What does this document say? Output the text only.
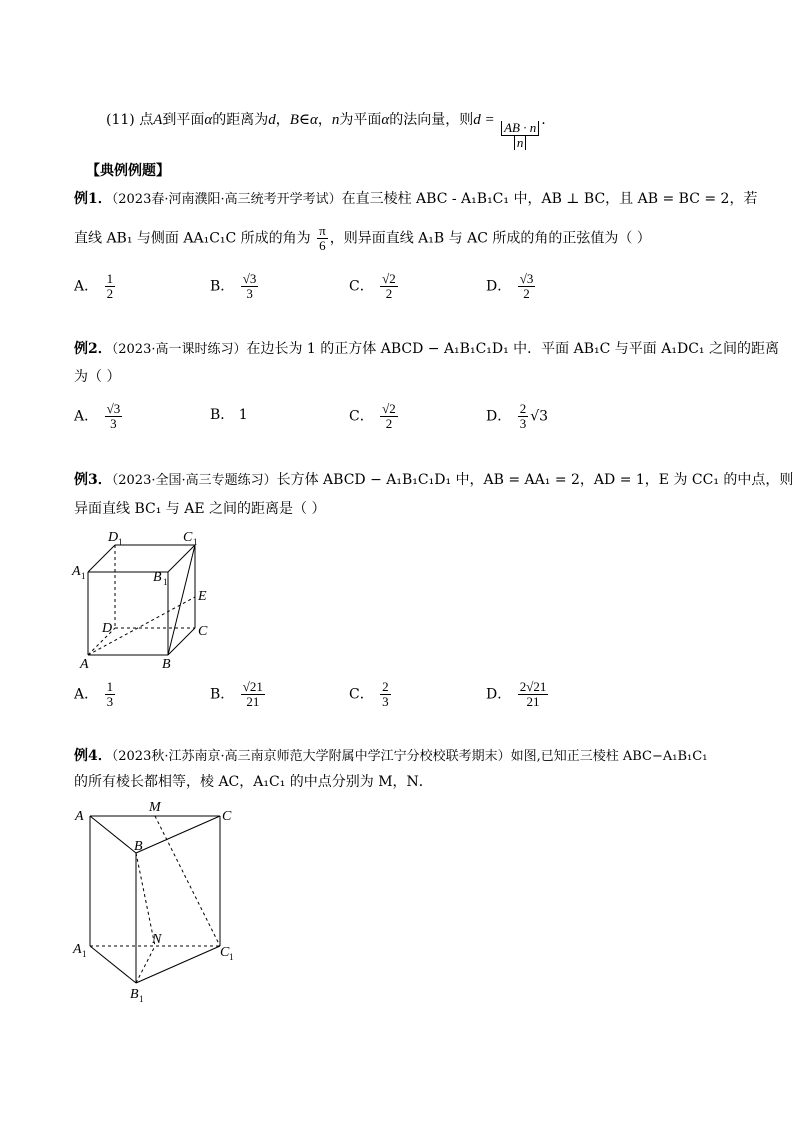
(11) 点A到平面α的距离为d，B∈α，n为平面α的法向量，则d =
$\frac{AB \cdot n}{n}$
.
【典例例题】
例1．（2023春·河南濮阳·高三统考开学考试）在直三棱柱 ABC - A₁B₁C₁ 中，AB ⊥ BC，且 AB = BC = 2，若
直线 AB₁ 与侧面 AA₁C₁C 所成的角为 $\frac{\pi}{6}$ ，则异面直线 A₁B 与 AC 所成的角的正弦值为（ ）
A． $\frac{1}{2}$	B． $\frac{√3}{3}$	C． $\frac{√2}{2}$	D． $\frac{√3}{2}$
例2．（2023·高一课时练习）在边长为 1 的正方体 ABCD − A₁B₁C₁D₁ 中．平面 AB₁C 与平面 A₁DC₁ 之间的距离
为（ ）
A． $\frac{√3}{3}$	B． 1	C． $\frac{√2}{2}$	D． $\frac{2}{3} √3$
例3．（2023·全国·高三专题练习）长方体 ABCD − A₁B₁C₁D₁ 中，AB = AA₁ = 2，AD = 1，E 为 CC₁ 的中点，则
异面直线 BC₁ 与 AE 之间的距离是（ ）
A	B
C
D
E
A 1	B 1
C 1
D 1
A． $\frac{1}{3}$	B． $\frac{√21}{21}$	C． $\frac{2}{3}$	D． $\frac{2√21}{21}$
例4．（2023秋·江苏南京·高三南京师范大学附属中学江宁分校校联考期末）如图,已知正三棱柱 ABC−A₁B₁C₁
的所有棱长都相等，棱 AC，A₁C₁ 的中点分别为 M，N．
A
M
C
B
N
A 1	C 1
B 1
